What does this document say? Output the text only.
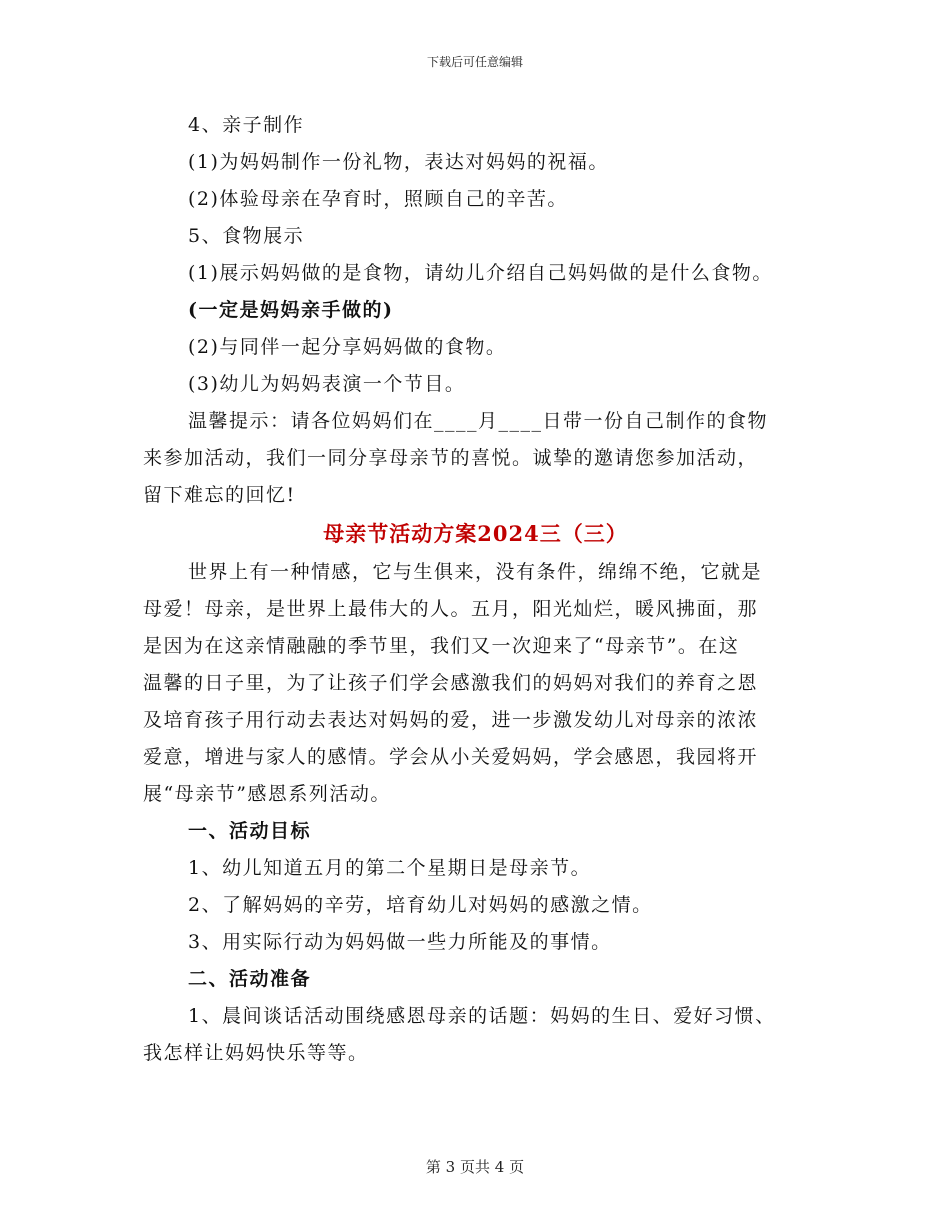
下载后可任意编辑
4、亲子制作
(1)为妈妈制作一份礼物，表达对妈妈的祝福。
(2)体验母亲在孕育时，照顾自己的辛苦。
5、食物展示
(1)展示妈妈做的是食物，请幼儿介绍自己妈妈做的是什么食物。
(一定是妈妈亲手做的)
(2)与同伴一起分享妈妈做的食物。
(3)幼儿为妈妈表演一个节目。
温馨提示：请各位妈妈们在____月____日带一份自己制作的食物
来参加活动，我们一同分享母亲节的喜悦。诚挚的邀请您参加活动，
留下难忘的回忆!
母亲节活动方案2024三（三）
世界上有一种情感，它与生俱来，没有条件，绵绵不绝，它就是
母爱！母亲，是世界上最伟大的人。五月，阳光灿烂，暖风拂面，那
是因为在这亲情融融的季节里，我们又一次迎来了“母亲节”。在这
温馨的日子里，为了让孩子们学会感激我们的妈妈对我们的养育之恩
及培育孩子用行动去表达对妈妈的爱，进一步激发幼儿对母亲的浓浓
爱意，增进与家人的感情。学会从小关爱妈妈，学会感恩，我园将开
展“母亲节”感恩系列活动。
一、活动目标
1、幼儿知道五月的第二个星期日是母亲节。
2、了解妈妈的辛劳，培育幼儿对妈妈的感激之情。
3、用实际行动为妈妈做一些力所能及的事情。
二、活动准备
1、晨间谈话活动围绕感恩母亲的话题：妈妈的生日、爱好习惯、
我怎样让妈妈快乐等等。
第 3 页共 4 页
